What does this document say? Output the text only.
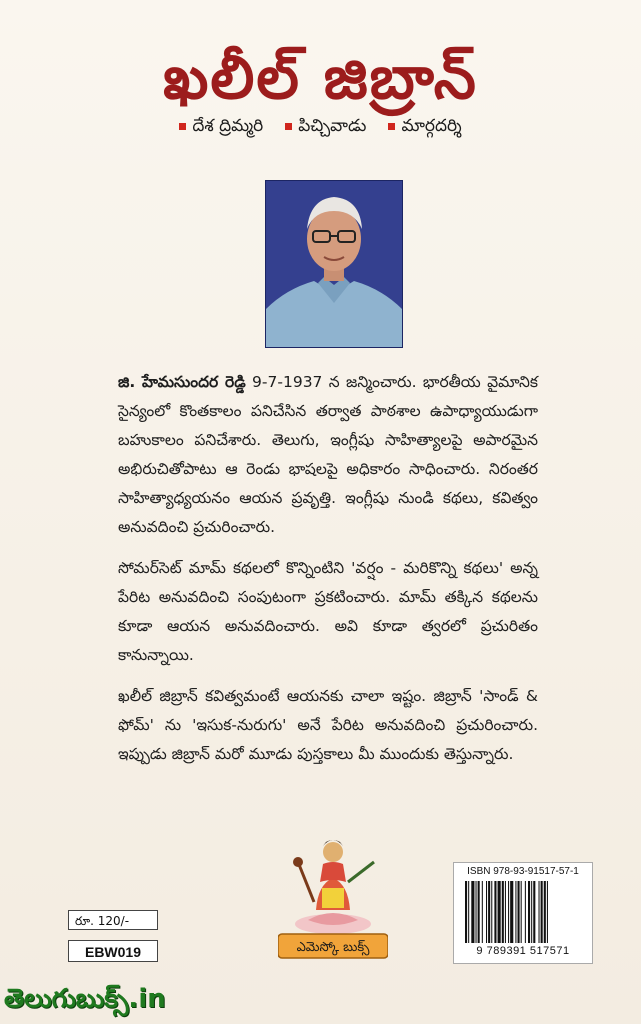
ఖలీల్ జిబ్రాన్
దేశ ద్రిమ్మరి పిచ్చివాడు మార్గదర్శి

జి. హేమసుందర రెడ్డి 9-7-1937 న జన్మించారు. భారతీయ వైమానిక సైన్యంలో కొంతకాలం పనిచేసిన తర్వాత పాఠశాల ఉపాధ్యాయుడుగా బహుకాలం పనిచేశారు. తెలుగు, ఇంగ్లీషు సాహిత్యాలపై అపారమైన అభిరుచితోపాటు ఆ రెండు భాషలపై అధికారం సాధించారు. నిరంతర సాహిత్యాధ్యయనం ఆయన ప్రవృత్తి. ఇంగ్లీషు నుండి కథలు, కవిత్వం అనువదించి ప్రచురించారు.

సోమర్‌సెట్ మామ్ కథలలో కొన్నింటిని 'వర్షం - మరికొన్ని కథలు' అన్న పేరిట అనువదించి సంపుటంగా ప్రకటించారు. మామ్ తక్కిన కథలను కూడా ఆయన అనువదించారు. అవి కూడా త్వరలో ప్రచురితం కానున్నాయి.

ఖలీల్ జిబ్రాన్ కవిత్వమంటే ఆయనకు చాలా ఇష్టం. జిబ్రాన్ 'సాండ్ & ఫోమ్' ను 'ఇసుక-నురుగు' అనే పేరిట అనువదించి ప్రచురించారు. ఇప్పుడు జిబ్రాన్ మరో మూడు పుస్తకాలు మీ ముందుకు తెస్తున్నారు.

ఎమెస్కో బుక్స్
ISBN 978-93-91517-57-1
9 789391 517571
రూ. 120/-
EBW019
తెలుగుబుక్స్.in
